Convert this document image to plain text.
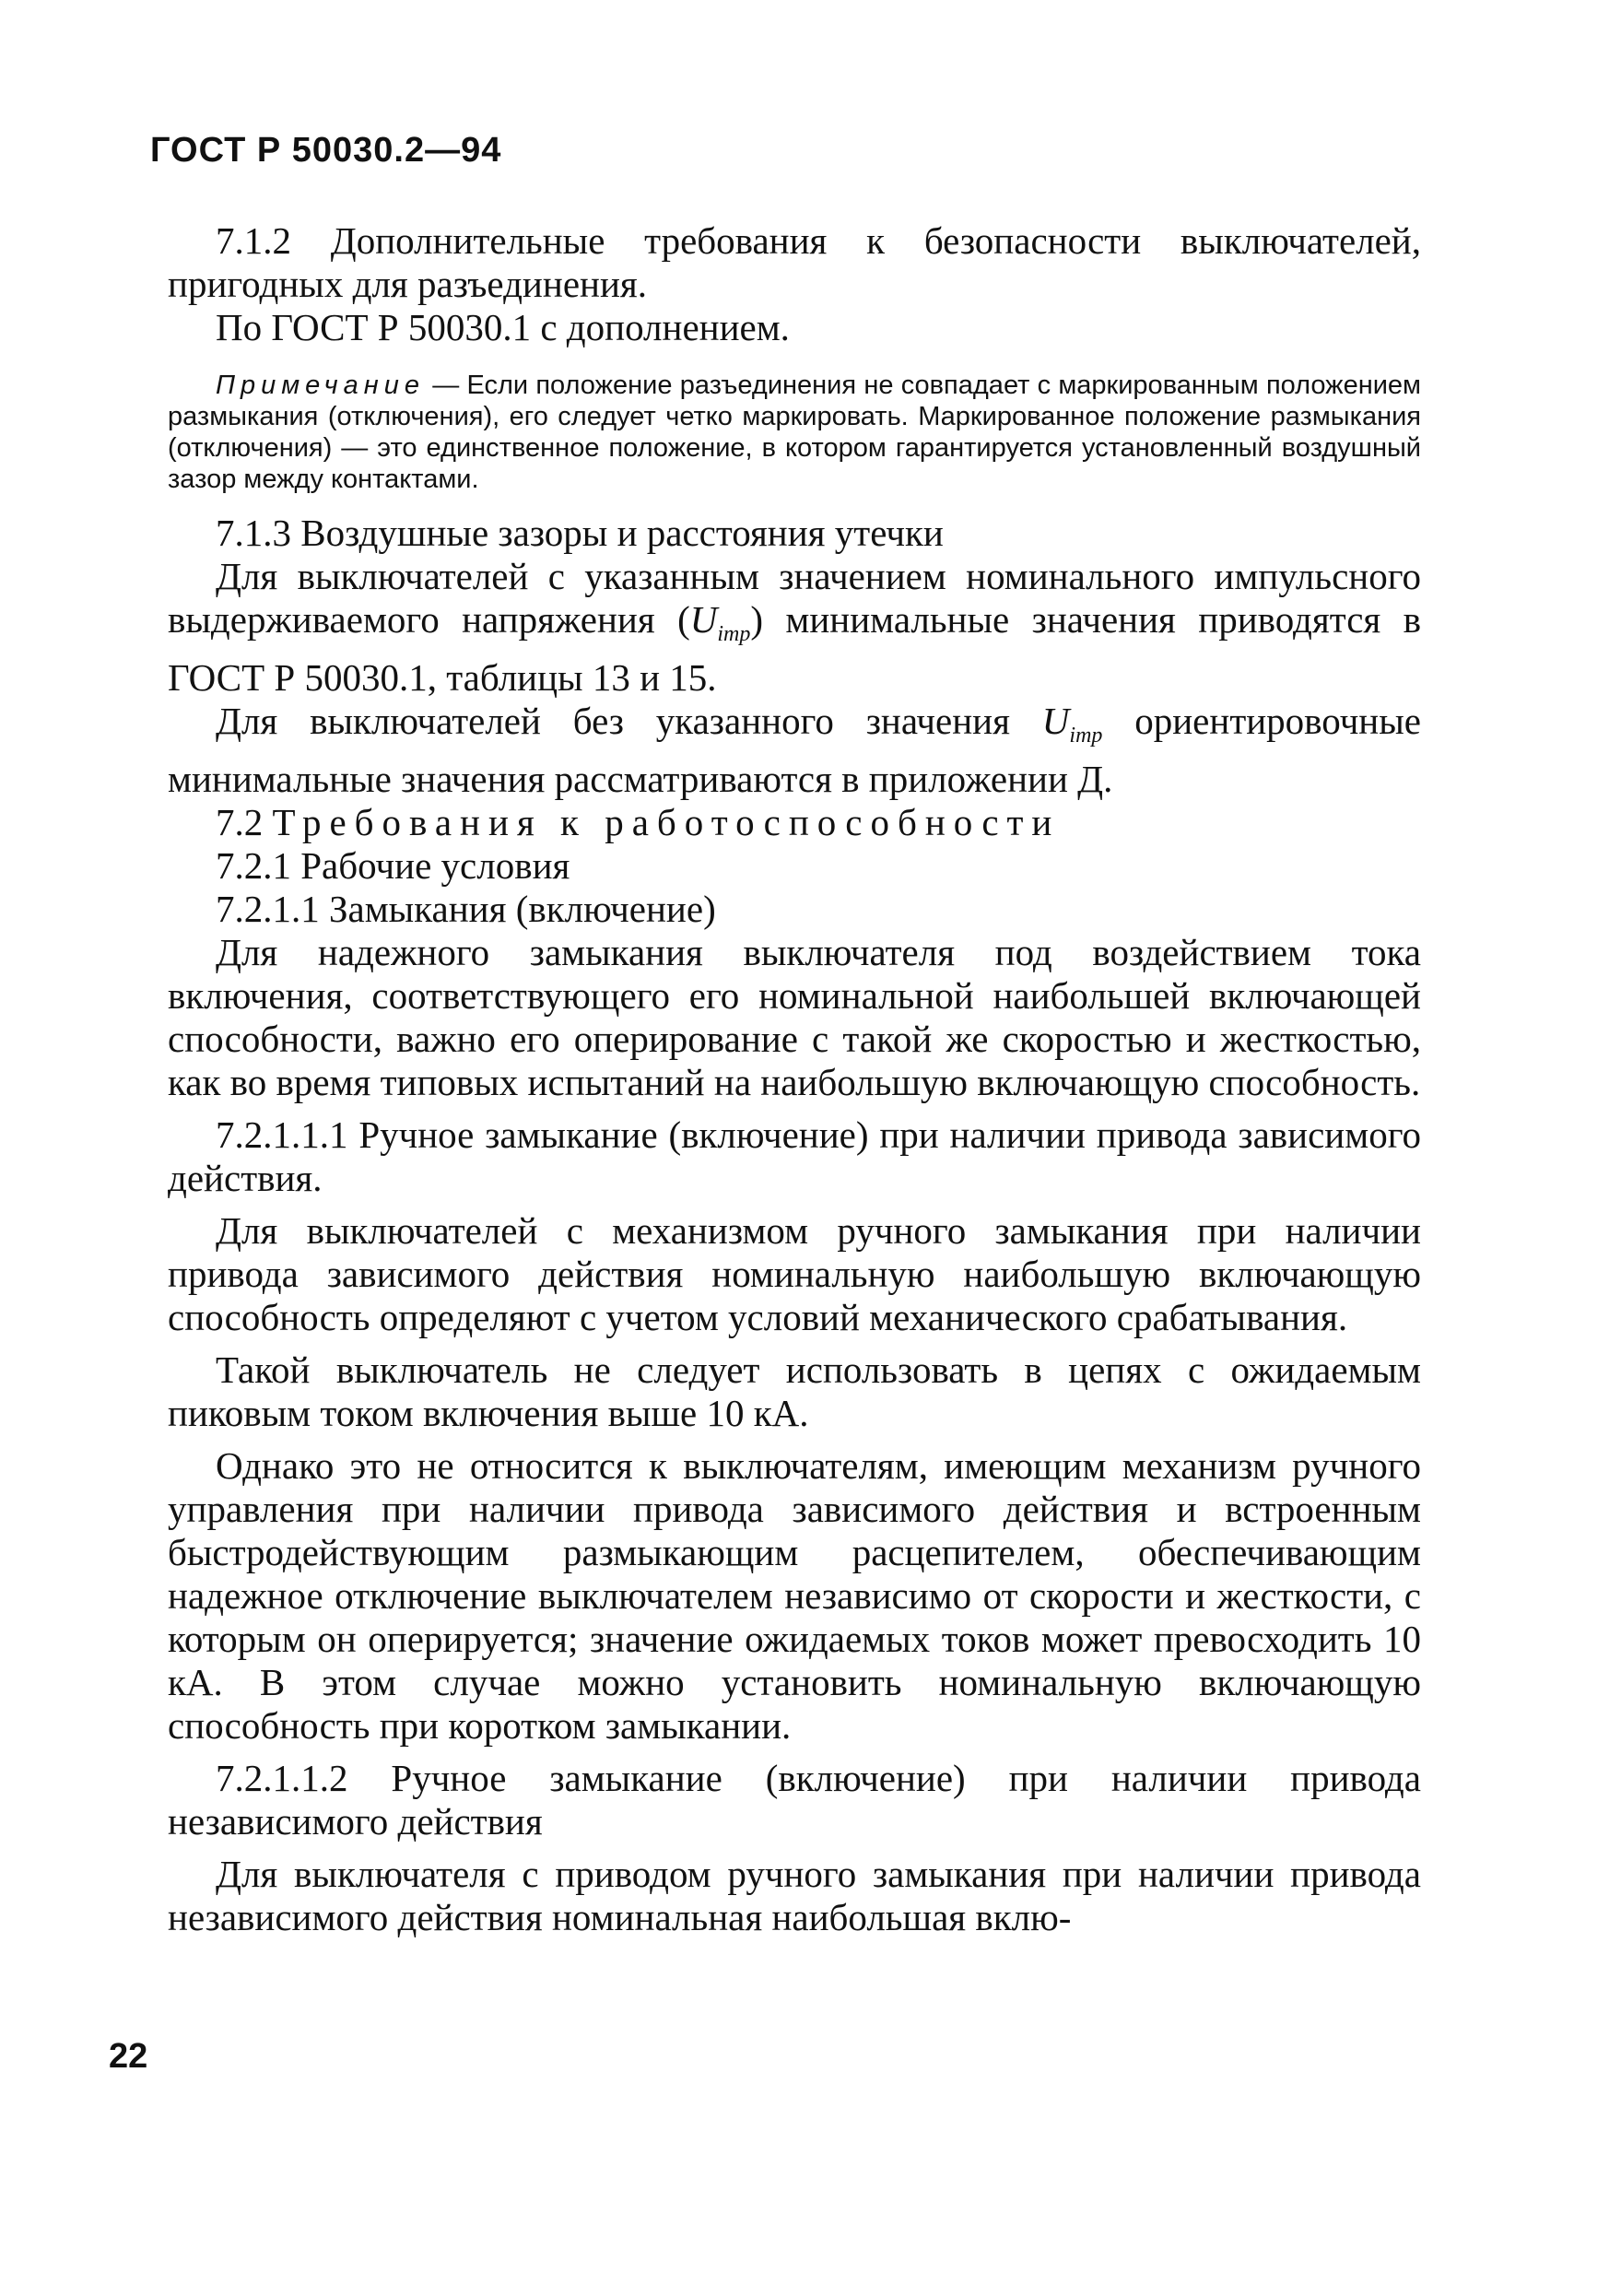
ГОСТ Р 50030.2—94

7.1.2 Дополнительные требования к безопасности выключателей, пригодных для разъединения.

По ГОСТ Р 50030.1 с дополнением.

Примечание — Если положение разъединения не совпадает с маркированным положением размыкания (отключения), его следует четко маркировать. Маркированное положение размыкания (отключения) — это единственное положение, в котором гарантируется установленный воздушный зазор между контактами.

7.1.3 Воздушные зазоры и расстояния утечки

Для выключателей с указанным значением номинального импульсного выдерживаемого напряжения $(U_{imp})$ минимальные значения приводятся в ГОСТ Р 50030.1, таблицы 13 и 15.

Для выключателей без указанного значения $U_{imp}$ ориентировочные минимальные значения рассматриваются в приложении Д.

7.2 Требования к работоспособности

7.2.1 Рабочие условия

7.2.1.1 Замыкания (включение)

Для надежного замыкания выключателя под воздействием тока включения, соответствующего его номинальной наибольшей включающей способности, важно его оперирование с такой же скоростью и жесткостью, как во время типовых испытаний на наибольшую включающую способность.

7.2.1.1.1 Ручное замыкание (включение) при наличии привода зависимого действия.

Для выключателей с механизмом ручного замыкания при наличии привода зависимого действия номинальную наибольшую включающую способность определяют с учетом условий механического срабатывания.

Такой выключатель не следует использовать в цепях с ожидаемым пиковым током включения выше 10 кА.

Однако это не относится к выключателям, имеющим механизм ручного управления при наличии привода зависимого действия и встроенным быстродействующим размыкающим расцепителем, обеспечивающим надежное отключение выключателем независимо от скорости и жесткости, с которым он оперируется; значение ожидаемых токов может превосходить 10 кА. В этом случае можно установить номинальную включающую способность при коротком замыкании.

7.2.1.1.2 Ручное замыкание (включение) при наличии привода независимого действия

Для выключателя с приводом ручного замыкания при наличии привода независимого действия номинальная наибольшая вклю-

22
